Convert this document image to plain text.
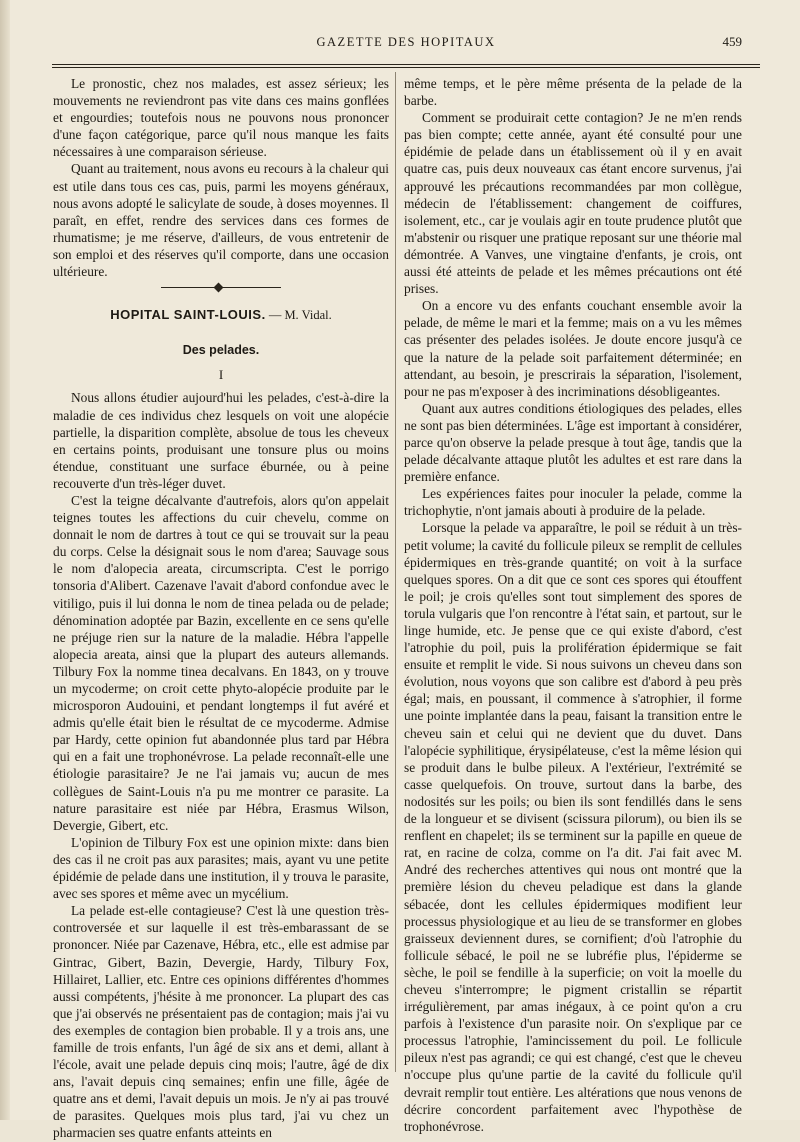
GAZETTE DES HOPITAUX	459

Le pronostic, chez nos malades, est assez sérieux; les mouvements ne reviendront pas vite dans ces mains gonflées et engourdies; toutefois nous ne pouvons nous prononcer d'une façon catégorique, parce qu'il nous manque les faits nécessaires à une comparaison sérieuse.

Quant au traitement, nous avons eu recours à la chaleur qui est utile dans tous ces cas, puis, parmi les moyens généraux, nous avons adopté le salicylate de soude, à doses moyennes. Il paraît, en effet, rendre des services dans ces formes de rhumatisme; je me réserve, d'ailleurs, de vous entretenir de son emploi et des réserves qu'il comporte, dans une occasion ultérieure.

HOPITAL SAINT-LOUIS. — M. Vidal.
Des pelades.
I

Nous allons étudier aujourd'hui les pelades, c'est-à-dire la maladie de ces individus chez lesquels on voit une alopécie partielle, la disparition complète, absolue de tous les cheveux en certains points, produisant une tonsure plus ou moins étendue, constituant une surface éburnée, ou à peine recouverte d'un très-léger duvet.

C'est la teigne décalvante d'autrefois, alors qu'on appelait teignes toutes les affections du cuir chevelu, comme on donnait le nom de dartres à tout ce qui se trouvait sur la peau du corps. Celse la désignait sous le nom d'area; Sauvage sous le nom d'alopecia areata, circumscripta. C'est le porrigo tonsoria d'Alibert. Cazenave l'avait d'abord confondue avec le vitiligo, puis il lui donna le nom de tinea pelada ou de pelade; dénomination adoptée par Bazin, excellente en ce sens qu'elle ne préjuge rien sur la nature de la maladie. Hébra l'appelle alopecia areata, ainsi que la plupart des auteurs allemands. Tilbury Fox la nomme tinea decalvans. En 1843, on y trouve un mycoderme; on croit cette phyto-alopécie produite par le microsporon Audouini, et pendant longtemps il fut avéré et admis qu'elle était bien le résultat de ce mycoderme. Admise par Hardy, cette opinion fut abandonnée plus tard par Hébra qui en a fait une trophonévrose. La pelade reconnaît-elle une étiologie parasitaire? Je ne l'ai jamais vu; aucun de mes collègues de Saint-Louis n'a pu me montrer ce parasite. La nature parasitaire est niée par Hébra, Erasmus Wilson, Devergie, Gibert, etc.

L'opinion de Tilbury Fox est une opinion mixte: dans bien des cas il ne croit pas aux parasites; mais, ayant vu une petite épidémie de pelade dans une institution, il y trouva le parasite, avec ses spores et même avec un mycélium.

La pelade est-elle contagieuse? C'est là une question très-controversée et sur laquelle il est très-embarassant de se prononcer. Niée par Cazenave, Hébra, etc., elle est admise par Gintrac, Gibert, Bazin, Devergie, Hardy, Tilbury Fox, Hillairet, Lallier, etc. Entre ces opinions différentes d'hommes aussi compétents, j'hésite à me prononcer. La plupart des cas que j'ai observés ne présentaient pas de contagion; mais j'ai vu des exemples de contagion bien probable. Il y a trois ans, une famille de trois enfants, l'un âgé de six ans et demi, allant à l'école, avait une pelade depuis cinq mois; l'autre, âgé de dix ans, l'avait depuis cinq semaines; enfin une fille, âgée de quatre ans et demi, l'avait depuis un mois. Je n'y ai pas trouvé de parasites. Quelques mois plus tard, j'ai vu chez un pharmacien ses quatre enfants atteints en

même temps, et le père même présenta de la pelade de la barbe.

Comment se produirait cette contagion? Je ne m'en rends pas bien compte; cette année, ayant été consulté pour une épidémie de pelade dans un établissement où il y en avait quatre cas, puis deux nouveaux cas étant encore survenus, j'ai approuvé les précautions recommandées par mon collègue, médecin de l'établissement: changement de coiffures, isolement, etc., car je voulais agir en toute prudence plutôt que m'abstenir ou risquer une pratique reposant sur une théorie mal démontrée. A Vanves, une vingtaine d'enfants, je crois, ont aussi été atteints de pelade et les mêmes précautions ont été prises.

On a encore vu des enfants couchant ensemble avoir la pelade, de même le mari et la femme; mais on a vu les mêmes cas présenter des pelades isolées. Je doute encore jusqu'à ce que la nature de la pelade soit parfaitement déterminée; en attendant, au besoin, je prescrirais la séparation, l'isolement, pour ne pas m'exposer à des incriminations désobligeantes.

Quant aux autres conditions étiologiques des pelades, elles ne sont pas bien déterminées. L'âge est important à considérer, parce qu'on observe la pelade presque à tout âge, tandis que la pelade décalvante attaque plutôt les adultes et est rare dans la première enfance.

Les expériences faites pour inoculer la pelade, comme la trichophytie, n'ont jamais abouti à produire de la pelade.

Lorsque la pelade va apparaître, le poil se réduit à un très-petit volume; la cavité du follicule pileux se remplit de cellules épidermiques en très-grande quantité; on voit à la surface quelques spores. On a dit que ce sont ces spores qui étouffent le poil; je crois qu'elles sont tout simplement des spores de torula vulgaris que l'on rencontre à l'état sain, et partout, sur le linge humide, etc. Je pense que ce qui existe d'abord, c'est l'atrophie du poil, puis la prolifération épidermique se fait ensuite et remplit le vide. Si nous suivons un cheveu dans son évolution, nous voyons que son calibre est d'abord à peu près égal; mais, en poussant, il commence à s'atrophier, il forme une pointe implantée dans la peau, faisant la transition entre le cheveu sain et celui qui ne devient que du duvet. Dans l'alopécie syphilitique, érysipélateuse, c'est la même lésion qui se produit dans le bulbe pileux. A l'extérieur, l'extrémité se casse quelquefois. On trouve, surtout dans la barbe, des nodosités sur les poils; ou bien ils sont fendillés dans le sens de la longueur et se divisent (scissura pilorum), ou bien ils se renflent en chapelet; ils se terminent sur la papille en queue de rat, en racine de colza, comme on l'a dit. J'ai fait avec M. André des recherches attentives qui nous ont montré que la première lésion du cheveu peladique est dans la glande sébacée, dont les cellules épidermiques modifient leur processus physiologique et au lieu de se transformer en globes graisseux deviennent dures, se cornifient; d'où l'atrophie du follicule sébacé, le poil ne se lubréfie plus, l'épiderme se sèche, le poil se fendille à la superficie; on voit la moelle du cheveu s'interrompre; le pigment cristallin se répartit irrégulièrement, par amas inégaux, à ce point qu'on a cru parfois à l'existence d'un parasite noir. On s'explique par ce processus l'atrophie, l'amincissement du poil. Le follicule pileux n'est pas agrandi; ce qui est changé, c'est que le cheveu n'occupe plus qu'une partie de la cavité du follicule qu'il devrait remplir tout entière. Les altérations que nous venons de décrire concordent parfaitement avec l'hypothèse de trophonévrose.
